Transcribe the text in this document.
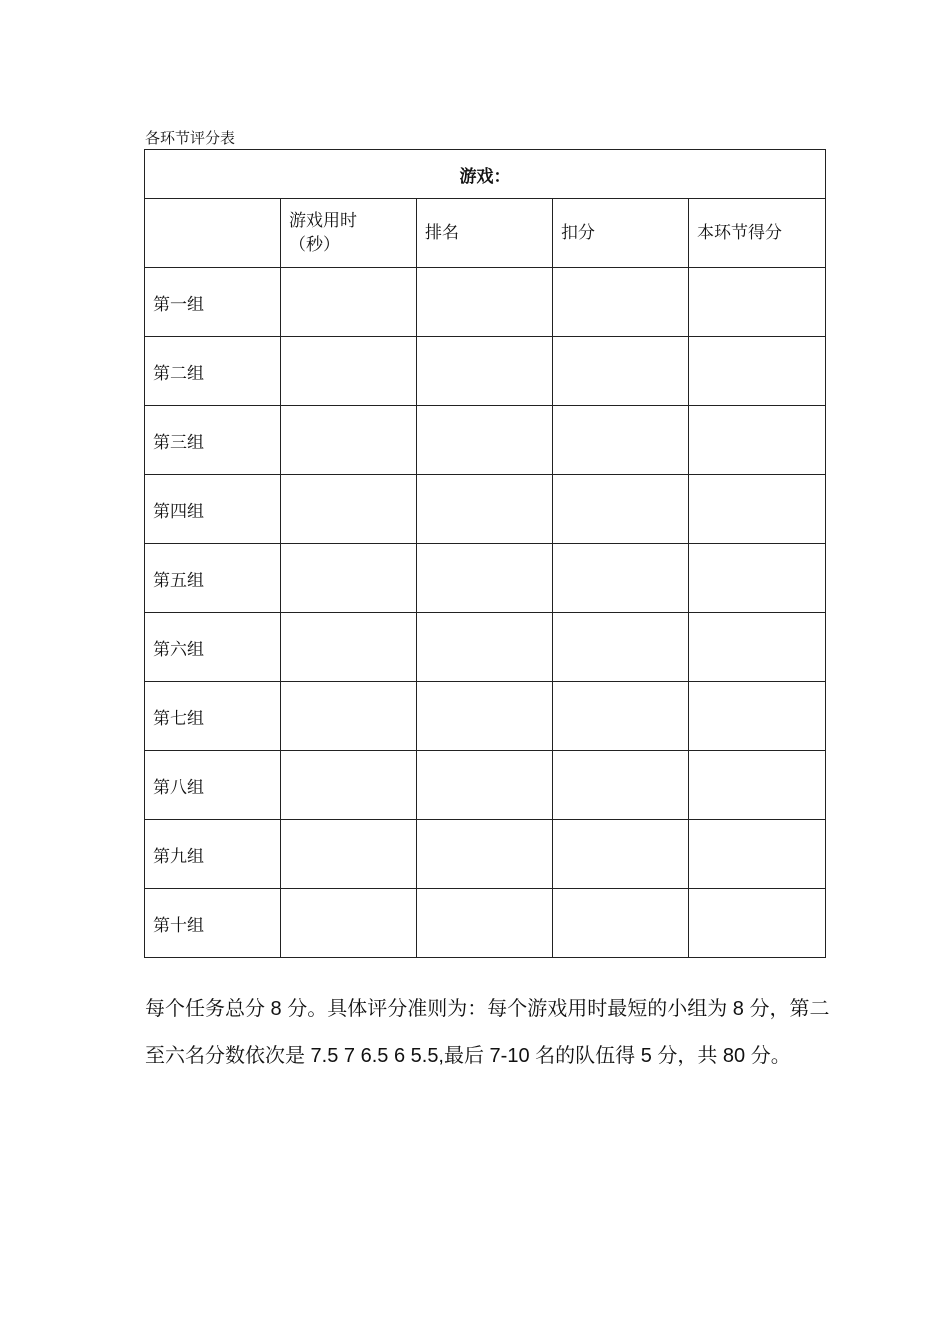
各环节评分表
游戏：				
	游戏用时（秒）	排名	扣分	本环节得分
第一组				
第二组				
第三组				
第四组				
第五组				
第六组				
第七组				
第八组				
第九组				
第十组				
每个任务总分 8 分。具体评分准则为：每个游戏用时最短的小组为 8 分，第二至六名分数依次是 7.5 7 6.5 6 5.5,最后 7-10 名的队伍得 5 分，共 80 分。
